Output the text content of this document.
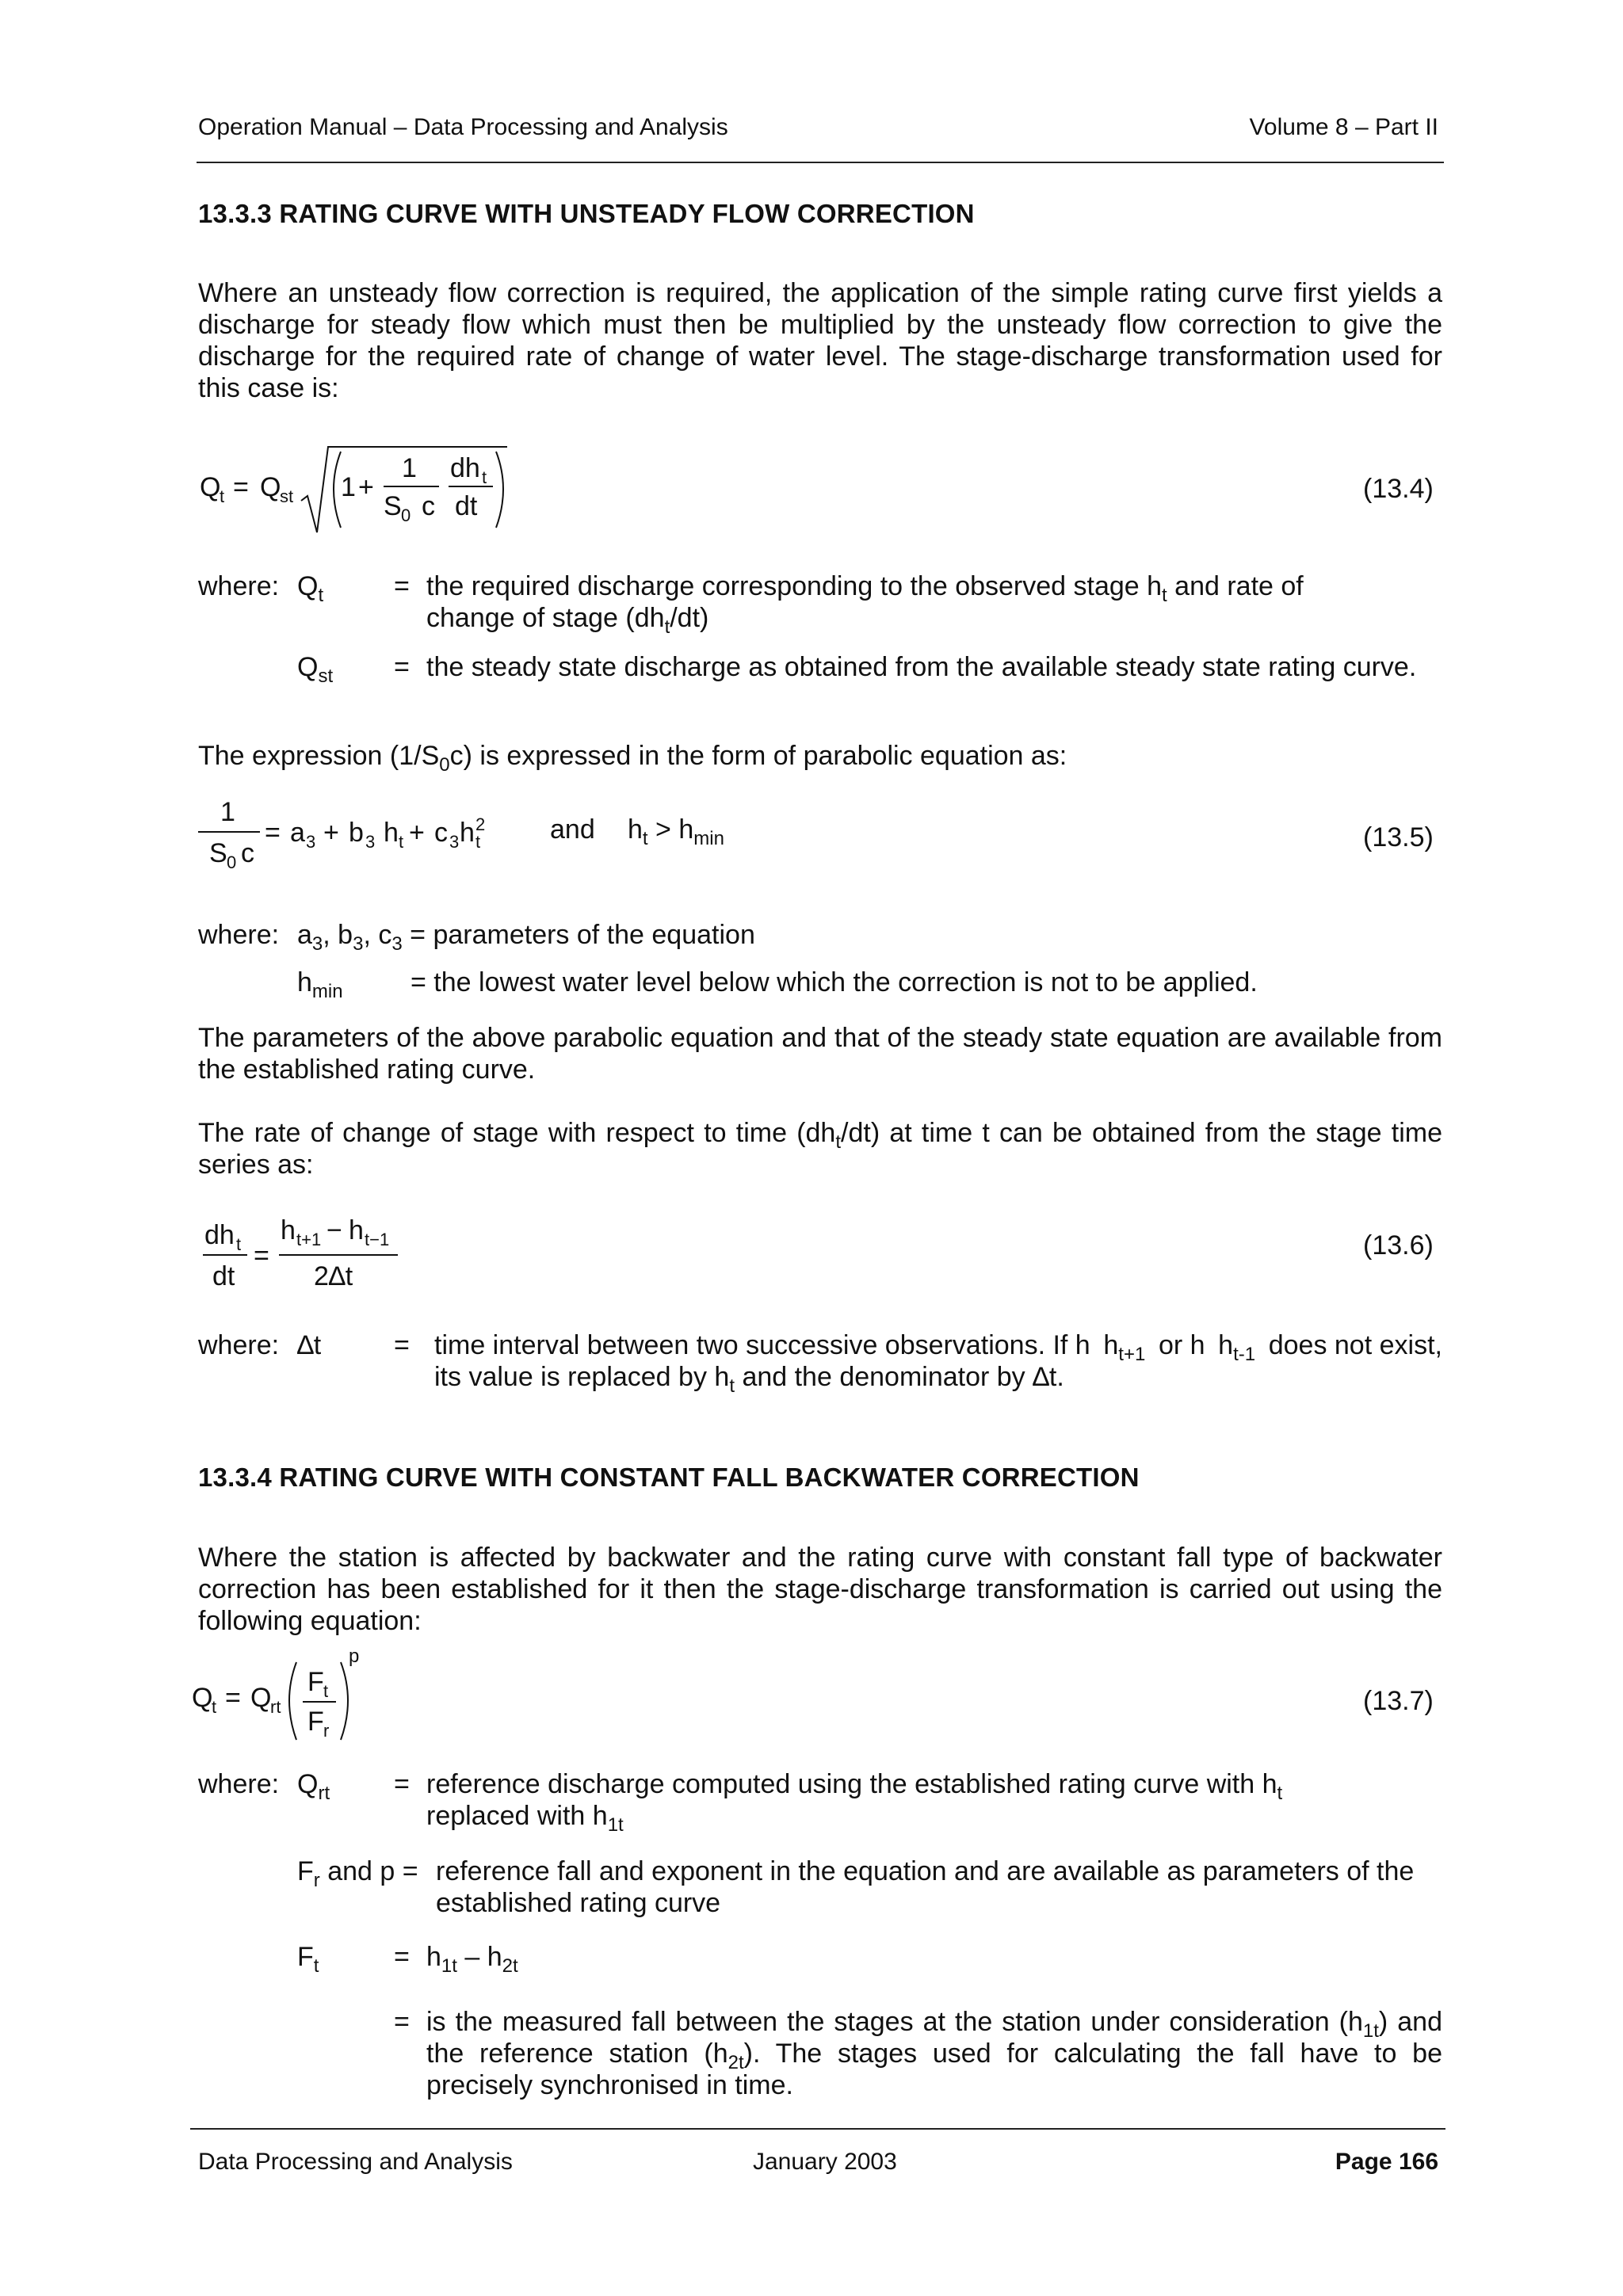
Operation Manual – Data Processing and Analysis	Volume 8 – Part II
13.3.3 RATING CURVE WITH UNSTEADY FLOW CORRECTION

Where an unsteady flow correction is required, the application of the simple rating curve first yields a discharge for steady flow which must then be multiplied by the unsteady flow correction to give the discharge for the required rate of change of water level. The stage-discharge transformation used for this case is:

Q
t = Q
st 1 +
1
S 0 c
dh t
dt
(13.4)
where: $Q_t$	= the required discharge corresponding to the observed stage $h_t$ and rate of
change of stage $(dh_t/dt)$
$Q_{st}$ = the steady state discharge as obtained from the available steady state rating curve.

The expression $(1/S_0c)$ is expressed in the form of parabolic equation as:

1
S 0 c
= a 3 + b 3 h t + c 3 h 2
t	and $h_t > h_{min}$	(13.5)
where: $a_3$, $b_3$, $c_3$ = parameters of the equation
$h_{min}$	= the lowest water level below which the correction is not to be applied.

The parameters of the above parabolic equation and that of the steady state equation are available from the established rating curve.

The rate of change of stage with respect to time $(dh_t/dt)$ at time t can be obtained from the stage time series as:

dh t
dt
=
h t+1 − h t−1
2∆t
(13.6)
where: ∆t	= time interval between two successive observations. If h $h_{t+1}$ or h $h_{t-1}$ does not exist,
its value is replaced by $h_t$ and the denominator by ∆t.
13.3.4 RATING CURVE WITH CONSTANT FALL BACKWATER CORRECTION

Where the station is affected by backwater and the rating curve with constant fall type of backwater correction has been established for it then the stage-discharge transformation is carried out using the following equation:

Q
t = Q
rt
F t
F r
p
(13.7)
where: $Q_{rt}$ = reference discharge computed using the established rating curve with $h_t$
replaced with $h_{1t}$
$F_r$ and p = reference fall and exponent in the equation and are available as parameters of the
established rating curve
$F_t$	= $h_{1t} - h_{2t}$
= is the measured fall between the stages at the station under consideration $(h_{1t})$ and the reference station $(h_{2t})$. The stages used for calculating the fall have to be precisely synchronised in time.
Data Processing and Analysis	January 2003	Page 166
